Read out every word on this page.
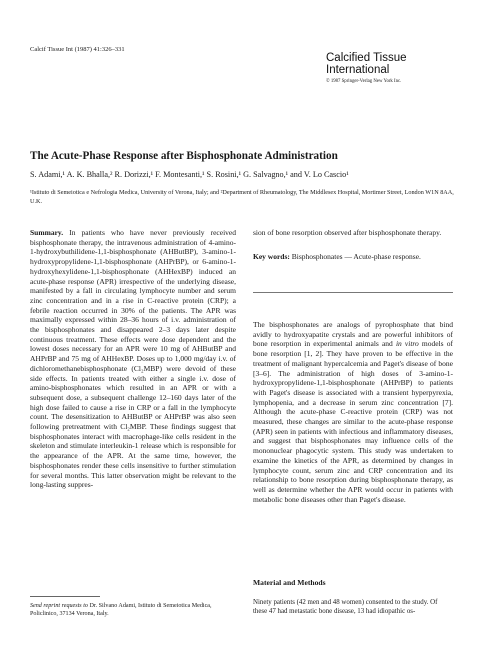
Calcif Tissue Int (1987) 41:326–331
Calcified Tissue
International
© 1987 Springer-Verlag New York Inc.
The Acute-Phase Response after Bisphosphonate Administration
S. Adami,¹ A. K. Bhalla,² R. Dorizzi,¹ F. Montesanti,¹ S. Rosini,¹ G. Salvagno,¹ and V. Lo Cascio¹
¹Istituto di Semeiotica e Nefrologia Medica, University of Verona, Italy; and ²Department of Rheumatology, The Middlesex Hospital, Mortimer Street, London W1N 8AA, U.K.
Summary. In patients who have never previously received bisphosphonate therapy, the intravenous administration of 4-amino-1-hydroxybuthilidene-1,1-bisphosphonate (AHButBP), 3-amino-1-hydroxypropylidene-1,1-bisphosphonate (AHPrBP), or 6-amino-1-hydroxyhexylidene-1,1-bisphosphonate (AHHexBP) induced an acute-phase response (APR) irrespective of the underlying disease, manifested by a fall in circulating lymphocyte number and serum zinc concentration and in a rise in C-reactive protein (CRP); a febrile reaction occurred in 30% of the patients. The APR was maximally expressed within 28–36 hours of i.v. administration of the bisphosphonates and disappeared 2–3 days later despite continuous treatment. These effects were dose dependent and the lowest doses necessary for an APR were 10 mg of AHButBP and AHPrBP and 75 mg of AHHexBP. Doses up to 1,000 mg/day i.v. of dichloromethanebisphosphonate (Cl₂MBP) were devoid of these side effects. In patients treated with either a single i.v. dose of amino-bisphosphonates which resulted in an APR or with a subsequent dose, a subsequent challenge 12–160 days later of the high dose failed to cause a rise in CRP or a fall in the lymphocyte count. The desensitization to AHButBP or AHPrBP was also seen following pretreatment with Cl₂MBP. These findings suggest that bisphosphonates interact with macrophage-like cells resident in the skeleton and stimulate interleukin-1 release which is responsible for the appearance of the APR. At the same time, however, the bisphosphonates render these cells insensitive to further stimulation for several months. This latter observation might be relevant to the long-lasting suppres-

sion of bone resorption observed after bisphosphonate therapy.

Key words: Bisphosphonates — Acute-phase response.

The bisphosphonates are analogs of pyrophosphate that bind avidly to hydroxyapatite crystals and are powerful inhibitors of bone resorption in experimental animals and in vitro models of bone resorption [1, 2]. They have proven to be effective in the treatment of malignant hypercalcemia and Paget's disease of bone [3–6]. The administration of high doses of 3-amino-1-hydroxypropylidene-1,1-bisphosphonate (AHPrBP) to patients with Paget's disease is associated with a transient hyperpyrexia, lymphopenia, and a decrease in serum zinc concentration [7]. Although the acute-phase C-reactive protein (CRP) was not measured, these changes are similar to the acute-phase response (APR) seen in patients with infectious and inflammatory diseases, and suggest that bisphosphonates may influence cells of the mononuclear phagocytic system. This study was undertaken to examine the kinetics of the APR, as determined by changes in lymphocyte count, serum zinc and CRP concentration and its relationship to bone resorption during bisphosphonate therapy, as well as determine whether the APR would occur in patients with metabolic bone diseases other than Paget's disease.
Material and Methods
Ninety patients (42 men and 48 women) consented to the study. Of these 47 had metastatic bone disease, 13 had idiopathic os-
Send reprint requests to Dr. Silvano Adami, Istituto di Semeiotica Medica, Policlinico, 37134 Verona, Italy.
